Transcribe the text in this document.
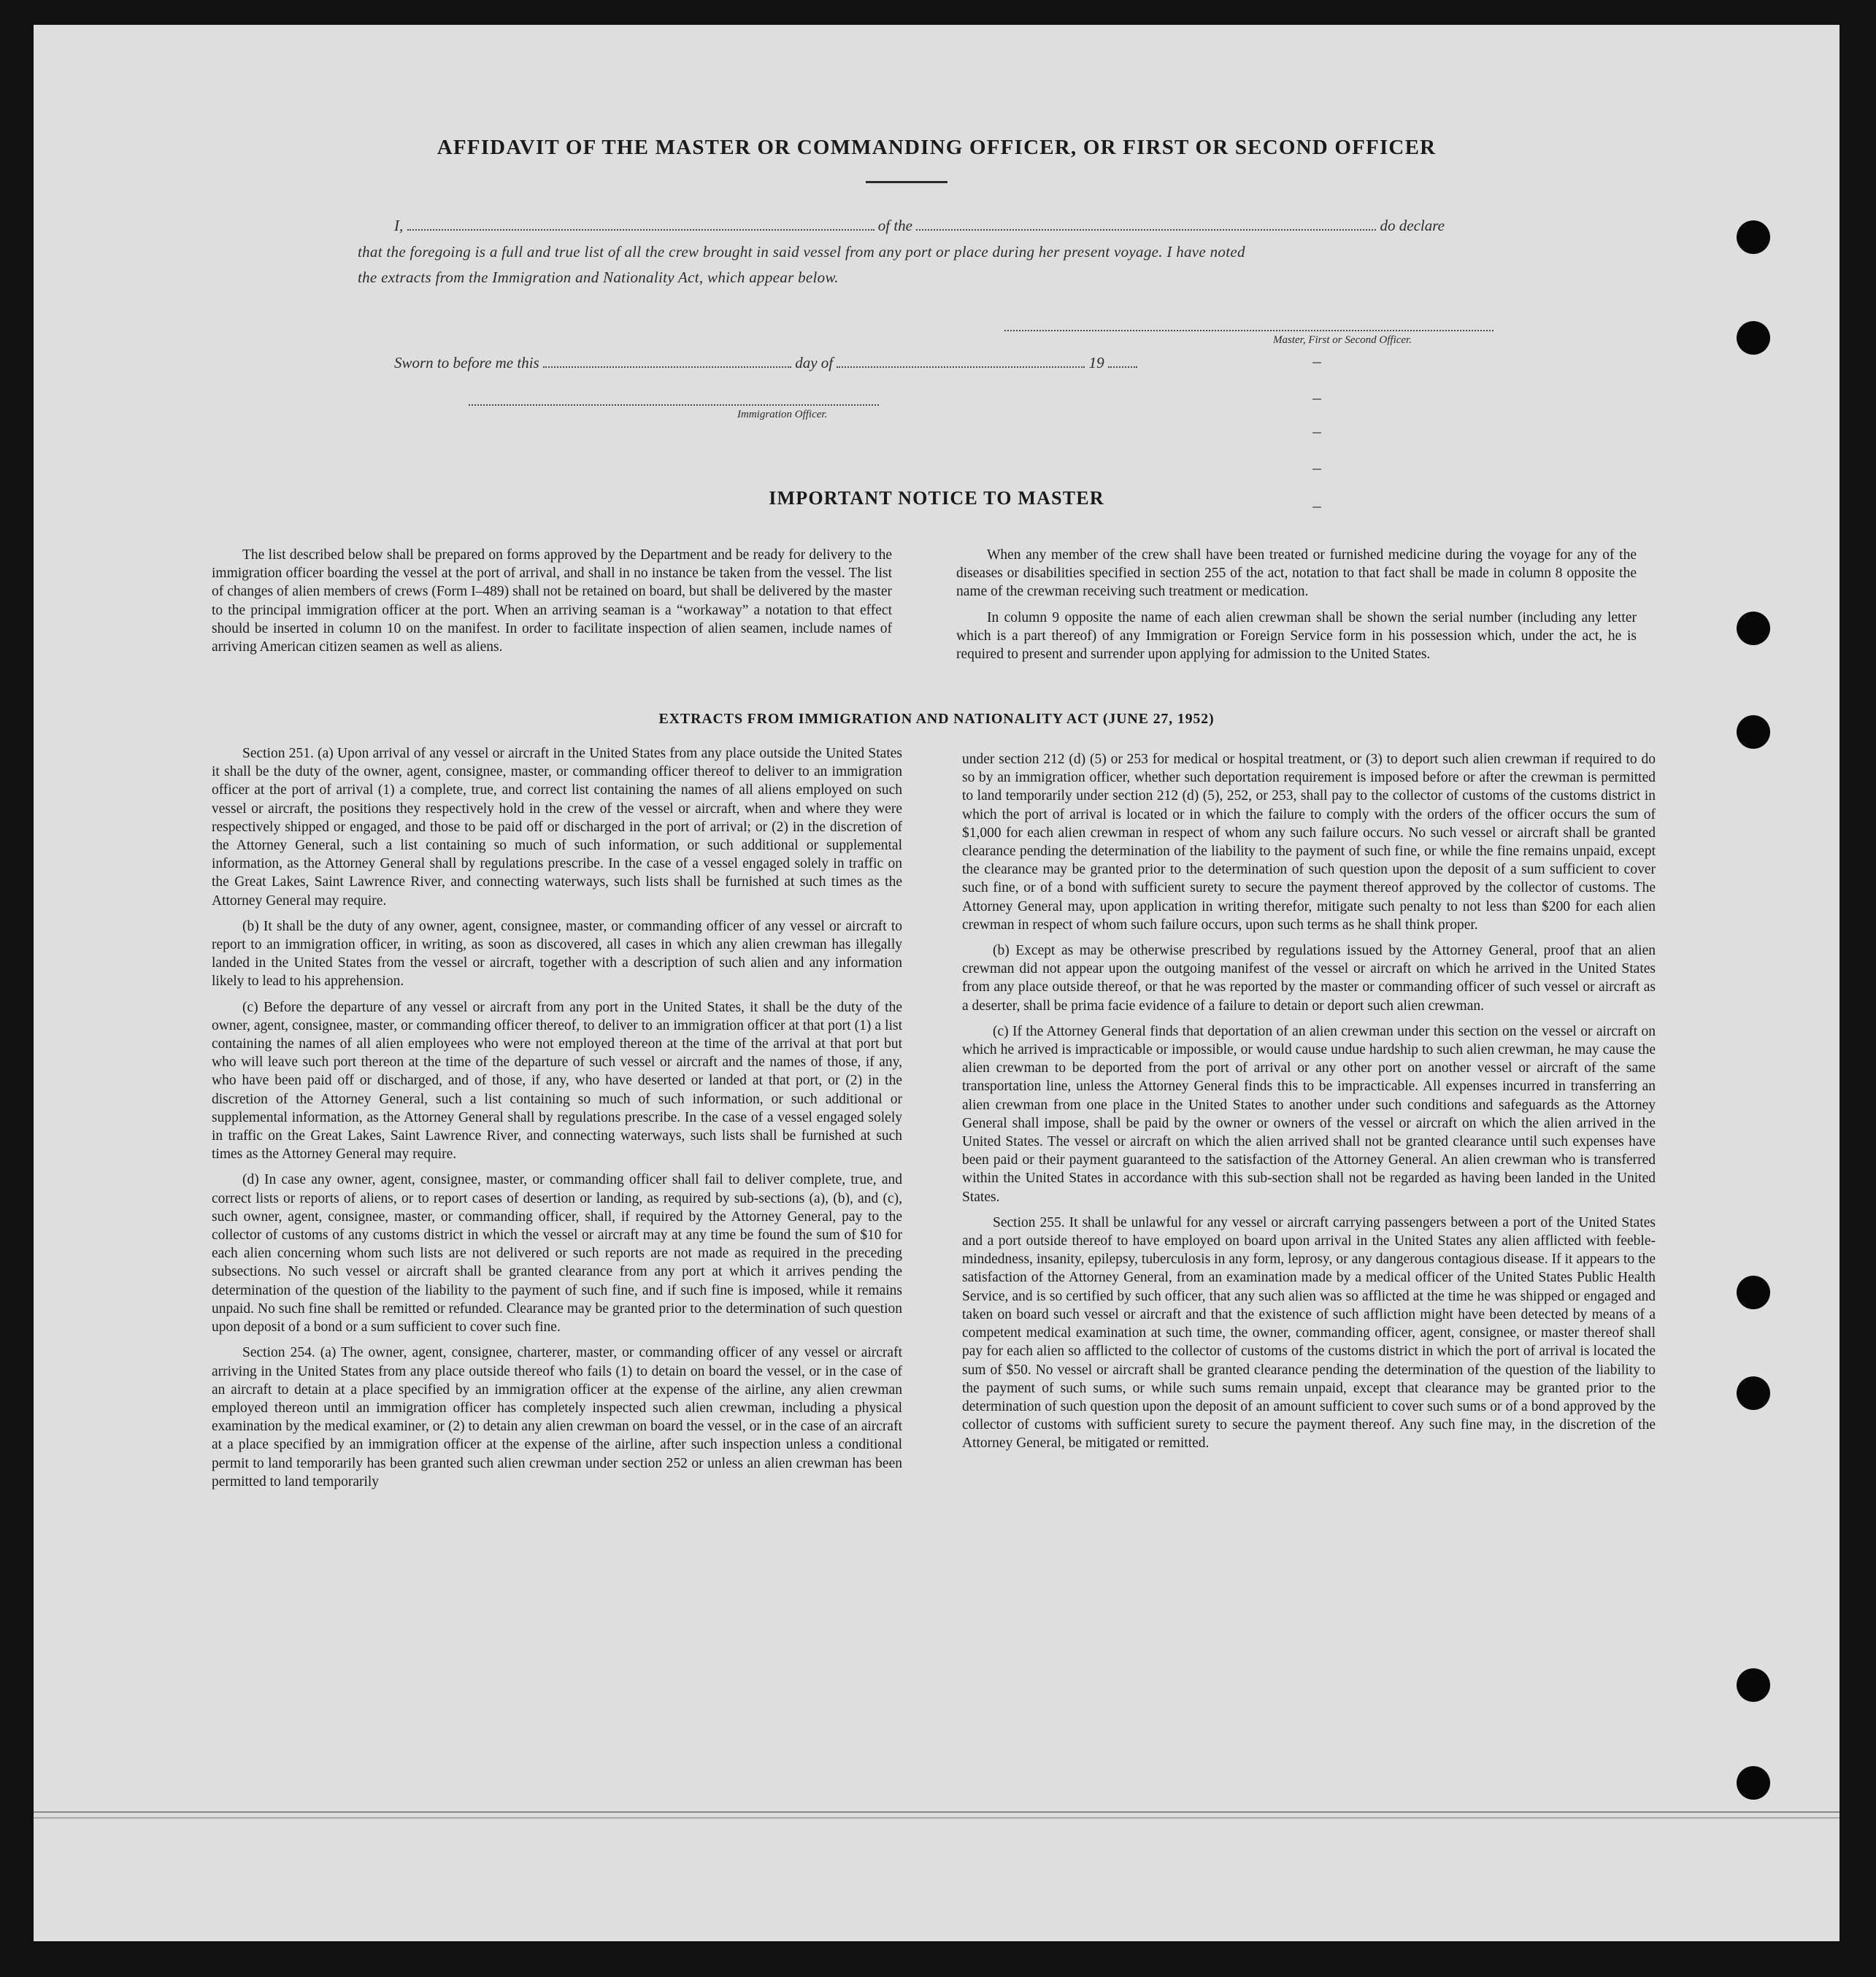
AFFIDAVIT OF THE MASTER OR COMMANDING OFFICER, OR FIRST OR SECOND OFFICER
I,	of the	do declare
that the foregoing is a full and true list of all the crew brought in said vessel from any port or place during her present voyage. I have noted
the extracts from the Immigration and Nationality Act, which appear below.
Master, First or Second Officer.
Sworn to before me this	day of	19
Immigration Officer.
IMPORTANT NOTICE TO MASTER

The list described below shall be prepared on forms approved by the Department and be ready for delivery to the immigration officer boarding the vessel at the port of arrival, and shall in no instance be taken from the vessel. The list of changes of alien members of crews (Form I–489) shall not be retained on board, but shall be delivered by the master to the principal immigration officer at the port. When an arriving seaman is a “workaway” a notation to that effect should be inserted in column 10 on the manifest. In order to facilitate inspection of alien seamen, include names of arriving American citizen seamen as well as aliens.

When any member of the crew shall have been treated or furnished medicine during the voyage for any of the diseases or disabilities specified in section 255 of the act, notation to that fact shall be made in column 8 opposite the name of the crewman receiving such treatment or medication.

In column 9 opposite the name of each alien crewman shall be shown the serial number (including any letter which is a part thereof) of any Immigration or Foreign Service form in his possession which, under the act, he is required to present and surrender upon applying for admission to the United States.

EXTRACTS FROM IMMIGRATION AND NATIONALITY ACT (JUNE 27, 1952)

Section 251. (a) Upon arrival of any vessel or aircraft in the United States from any place outside the United States it shall be the duty of the owner, agent, consignee, master, or commanding officer thereof to deliver to an immigration officer at the port of arrival (1) a complete, true, and correct list containing the names of all aliens employed on such vessel or aircraft, the positions they respectively hold in the crew of the vessel or aircraft, when and where they were respectively shipped or engaged, and those to be paid off or discharged in the port of arrival; or (2) in the discretion of the Attorney General, such a list containing so much of such information, or such additional or supplemental information, as the Attorney General shall by regulations prescribe. In the case of a vessel engaged solely in traffic on the Great Lakes, Saint Lawrence River, and connecting waterways, such lists shall be furnished at such times as the Attorney General may require.

(b) It shall be the duty of any owner, agent, consignee, master, or commanding officer of any vessel or aircraft to report to an immigration officer, in writing, as soon as discovered, all cases in which any alien crewman has illegally landed in the United States from the vessel or aircraft, together with a description of such alien and any information likely to lead to his apprehension.

(c) Before the departure of any vessel or aircraft from any port in the United States, it shall be the duty of the owner, agent, consignee, master, or commanding officer thereof, to deliver to an immigration officer at that port (1) a list containing the names of all alien employees who were not employed thereon at the time of the arrival at that port but who will leave such port thereon at the time of the departure of such vessel or aircraft and the names of those, if any, who have been paid off or discharged, and of those, if any, who have deserted or landed at that port, or (2) in the discretion of the Attorney General, such a list containing so much of such information, or such additional or supplemental information, as the Attorney General shall by regulations prescribe. In the case of a vessel engaged solely in traffic on the Great Lakes, Saint Lawrence River, and connecting waterways, such lists shall be furnished at such times as the Attorney General may require.

(d) In case any owner, agent, consignee, master, or commanding officer shall fail to deliver complete, true, and correct lists or reports of aliens, or to report cases of desertion or landing, as required by sub-sections (a), (b), and (c), such owner, agent, consignee, master, or commanding officer, shall, if required by the Attorney General, pay to the collector of customs of any customs district in which the vessel or aircraft may at any time be found the sum of $10 for each alien concerning whom such lists are not delivered or such reports are not made as required in the preceding subsections. No such vessel or aircraft shall be granted clearance from any port at which it arrives pending the determination of the question of the liability to the payment of such fine, and if such fine is imposed, while it remains unpaid. No such fine shall be remitted or refunded. Clearance may be granted prior to the determination of such question upon deposit of a bond or a sum sufficient to cover such fine.

Section 254. (a) The owner, agent, consignee, charterer, master, or commanding officer of any vessel or aircraft arriving in the United States from any place outside thereof who fails (1) to detain on board the vessel, or in the case of an aircraft to detain at a place specified by an immigration officer at the expense of the airline, any alien crewman employed thereon until an immigration officer has completely inspected such alien crewman, including a physical examination by the medical examiner, or (2) to detain any alien crewman on board the vessel, or in the case of an aircraft at a place specified by an immigration officer at the expense of the airline, after such inspection unless a conditional permit to land temporarily has been granted such alien crewman under section 252 or unless an alien crewman has been permitted to land temporarily

under section 212 (d) (5) or 253 for medical or hospital treatment, or (3) to deport such alien crewman if required to do so by an immigration officer, whether such deportation requirement is imposed before or after the crewman is permitted to land temporarily under section 212 (d) (5), 252, or 253, shall pay to the collector of customs of the customs district in which the port of arrival is located or in which the failure to comply with the orders of the officer occurs the sum of $1,000 for each alien crewman in respect of whom any such failure occurs. No such vessel or aircraft shall be granted clearance pending the determination of the liability to the payment of such fine, or while the fine remains unpaid, except the clearance may be granted prior to the determination of such question upon the deposit of a sum sufficient to cover such fine, or of a bond with sufficient surety to secure the payment thereof approved by the collector of customs. The Attorney General may, upon application in writing therefor, mitigate such penalty to not less than $200 for each alien crewman in respect of whom such failure occurs, upon such terms as he shall think proper.

(b) Except as may be otherwise prescribed by regulations issued by the Attorney General, proof that an alien crewman did not appear upon the outgoing manifest of the vessel or aircraft on which he arrived in the United States from any place outside thereof, or that he was reported by the master or commanding officer of such vessel or aircraft as a deserter, shall be prima facie evidence of a failure to detain or deport such alien crewman.

(c) If the Attorney General finds that deportation of an alien crewman under this section on the vessel or aircraft on which he arrived is impracticable or impossible, or would cause undue hardship to such alien crewman, he may cause the alien crewman to be deported from the port of arrival or any other port on another vessel or aircraft of the same transportation line, unless the Attorney General finds this to be impracticable. All expenses incurred in transferring an alien crewman from one place in the United States to another under such conditions and safeguards as the Attorney General shall impose, shall be paid by the owner or owners of the vessel or aircraft on which the alien arrived in the United States. The vessel or aircraft on which the alien arrived shall not be granted clearance until such expenses have been paid or their payment guaranteed to the satisfaction of the Attorney General. An alien crewman who is transferred within the United States in accordance with this sub-section shall not be regarded as having been landed in the United States.

Section 255. It shall be unlawful for any vessel or aircraft carrying passengers between a port of the United States and a port outside thereof to have employed on board upon arrival in the United States any alien afflicted with feeble-mindedness, insanity, epilepsy, tuberculosis in any form, leprosy, or any dangerous contagious disease. If it appears to the satisfaction of the Attorney General, from an examination made by a medical officer of the United States Public Health Service, and is so certified by such officer, that any such alien was so afflicted at the time he was shipped or engaged and taken on board such vessel or aircraft and that the existence of such affliction might have been detected by means of a competent medical examination at such time, the owner, commanding officer, agent, consignee, or master thereof shall pay for each alien so afflicted to the collector of customs of the customs district in which the port of arrival is located the sum of $50. No vessel or aircraft shall be granted clearance pending the determination of the question of the liability to the payment of such sums, or while such sums remain unpaid, except that clearance may be granted prior to the determination of such question upon the deposit of an amount sufficient to cover such sums or of a bond approved by the collector of customs with sufficient surety to secure the payment thereof. Any such fine may, in the discretion of the Attorney General, be mitigated or remitted.
